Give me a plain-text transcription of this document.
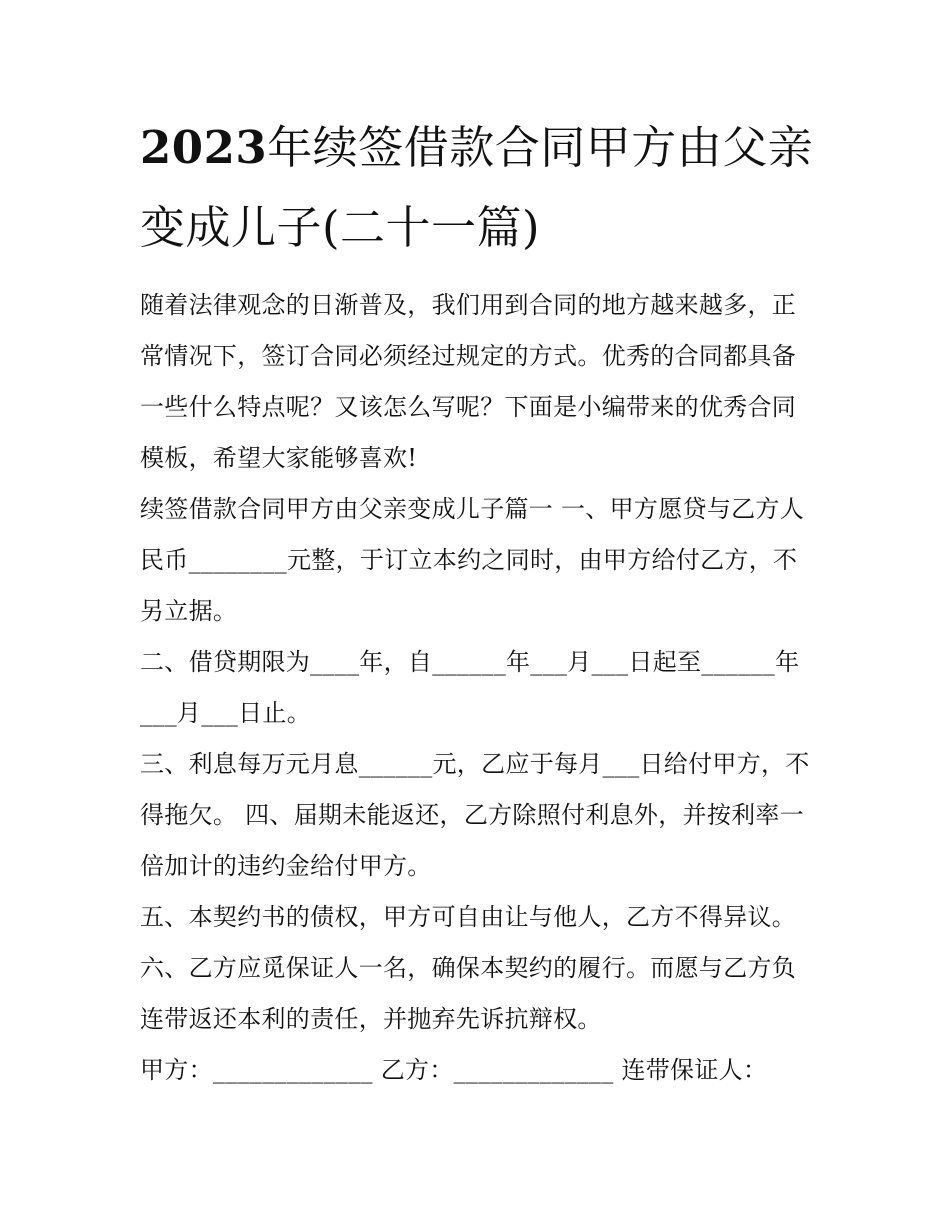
2023年续签借款合同甲方由父亲变成儿子(二十一篇)

随着法律观念的日渐普及，我们用到合同的地方越来越多，正常情况下，签订合同必须经过规定的方式。优秀的合同都具备一些什么特点呢？又该怎么写呢？下面是小编带来的优秀合同模板，希望大家能够喜欢!

续签借款合同甲方由父亲变成儿子篇一 一、甲方愿贷与乙方人民币________元整，于订立本约之同时，由甲方给付乙方，不另立据。

二、借贷期限为____年，自______年___月___日起至______年___月___日止。

三、利息每万元月息______元，乙应于每月___日给付甲方，不得拖欠。 四、届期未能返还，乙方除照付利息外，并按利率一倍加计的违约金给付甲方。

五、本契约书的债权，甲方可自由让与他人，乙方不得异议。

六、乙方应觅保证人一名，确保本契约的履行。而愿与乙方负连带返还本利的责任，并抛弃先诉抗辩权。

甲方：_____________ 乙方：_____________ 连带保证人：
